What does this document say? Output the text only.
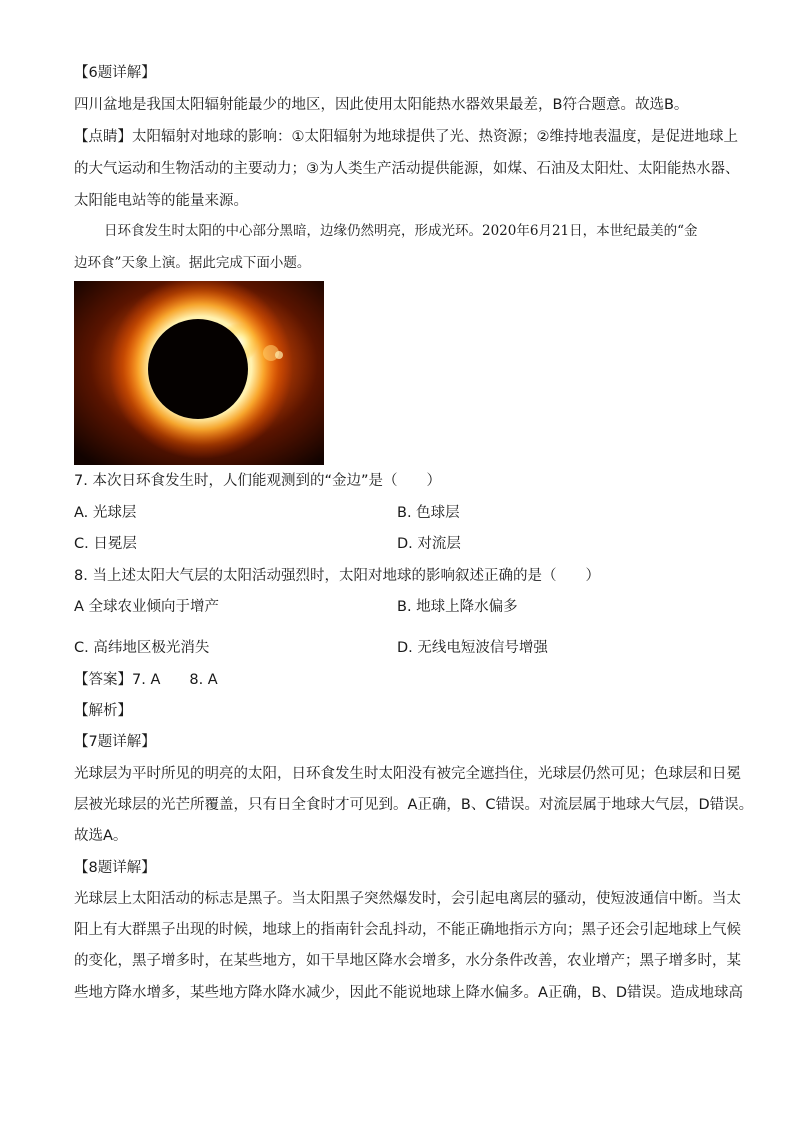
【6题详解】
四川盆地是我国太阳辐射能最少的地区，因此使用太阳能热水器效果最差，B符合题意。故选B。
【点睛】太阳辐射对地球的影响：①太阳辐射为地球提供了光、热资源；②维持地表温度，是促进地球上
的大气运动和生物活动的主要动力；③为人类生产活动提供能源，如煤、石油及太阳灶、太阳能热水器、
太阳能电站等的能量来源。
日环食发生时太阳的中心部分黑暗，边缘仍然明亮，形成光环。2020年6月21日，本世纪最美的“金
边环食”天象上演。据此完成下面小题。
7. 本次日环食发生时，人们能观测到的“金边”是（　　）
A. 光球层	B. 色球层
C. 日冕层	D. 对流层
8. 当上述太阳大气层的太阳活动强烈时，太阳对地球的影响叙述正确的是（　　）
A 全球农业倾向于增产	B. 地球上降水偏多
C. 高纬地区极光消失	D. 无线电短波信号增强
【答案】7. A　　8. A
【解析】
【7题详解】
光球层为平时所见的明亮的太阳，日环食发生时太阳没有被完全遮挡住，光球层仍然可见；色球层和日冕
层被光球层的光芒所覆盖，只有日全食时才可见到。A正确，B、C错误。对流层属于地球大气层，D错误。
故选A。
【8题详解】
光球层上太阳活动的标志是黑子。当太阳黑子突然爆发时，会引起电离层的骚动，使短波通信中断。当太
阳上有大群黑子出现的时候，地球上的指南针会乱抖动，不能正确地指示方向；黑子还会引起地球上气候
的变化，黑子增多时，在某些地方，如干旱地区降水会增多，水分条件改善，农业增产；黑子增多时，某
些地方降水增多，某些地方降水降水减少，因此不能说地球上降水偏多。A正确，B、D错误。造成地球高
